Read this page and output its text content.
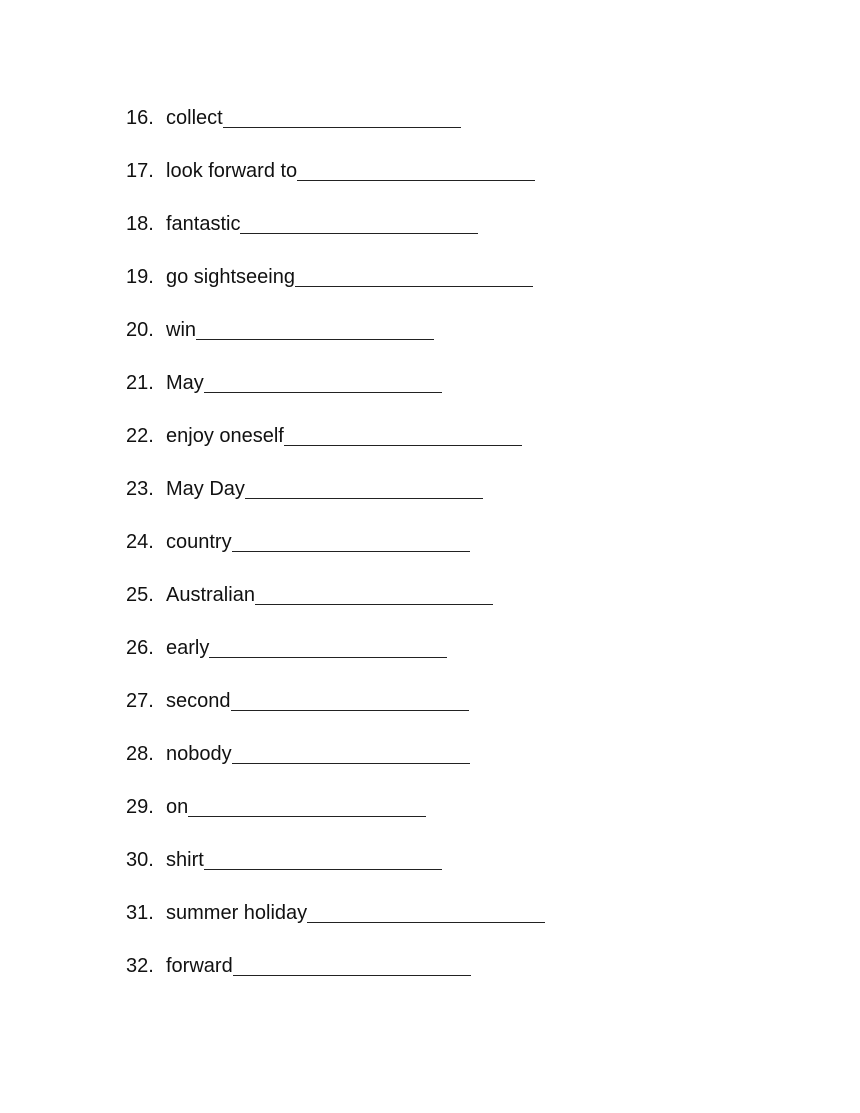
16. collect
17. look forward to
18. fantastic
19. go sightseeing
20. win
21. May
22. enjoy oneself
23. May Day
24. country
25. Australian
26. early
27. second
28. nobody
29. on
30. shirt
31. summer holiday
32. forward
